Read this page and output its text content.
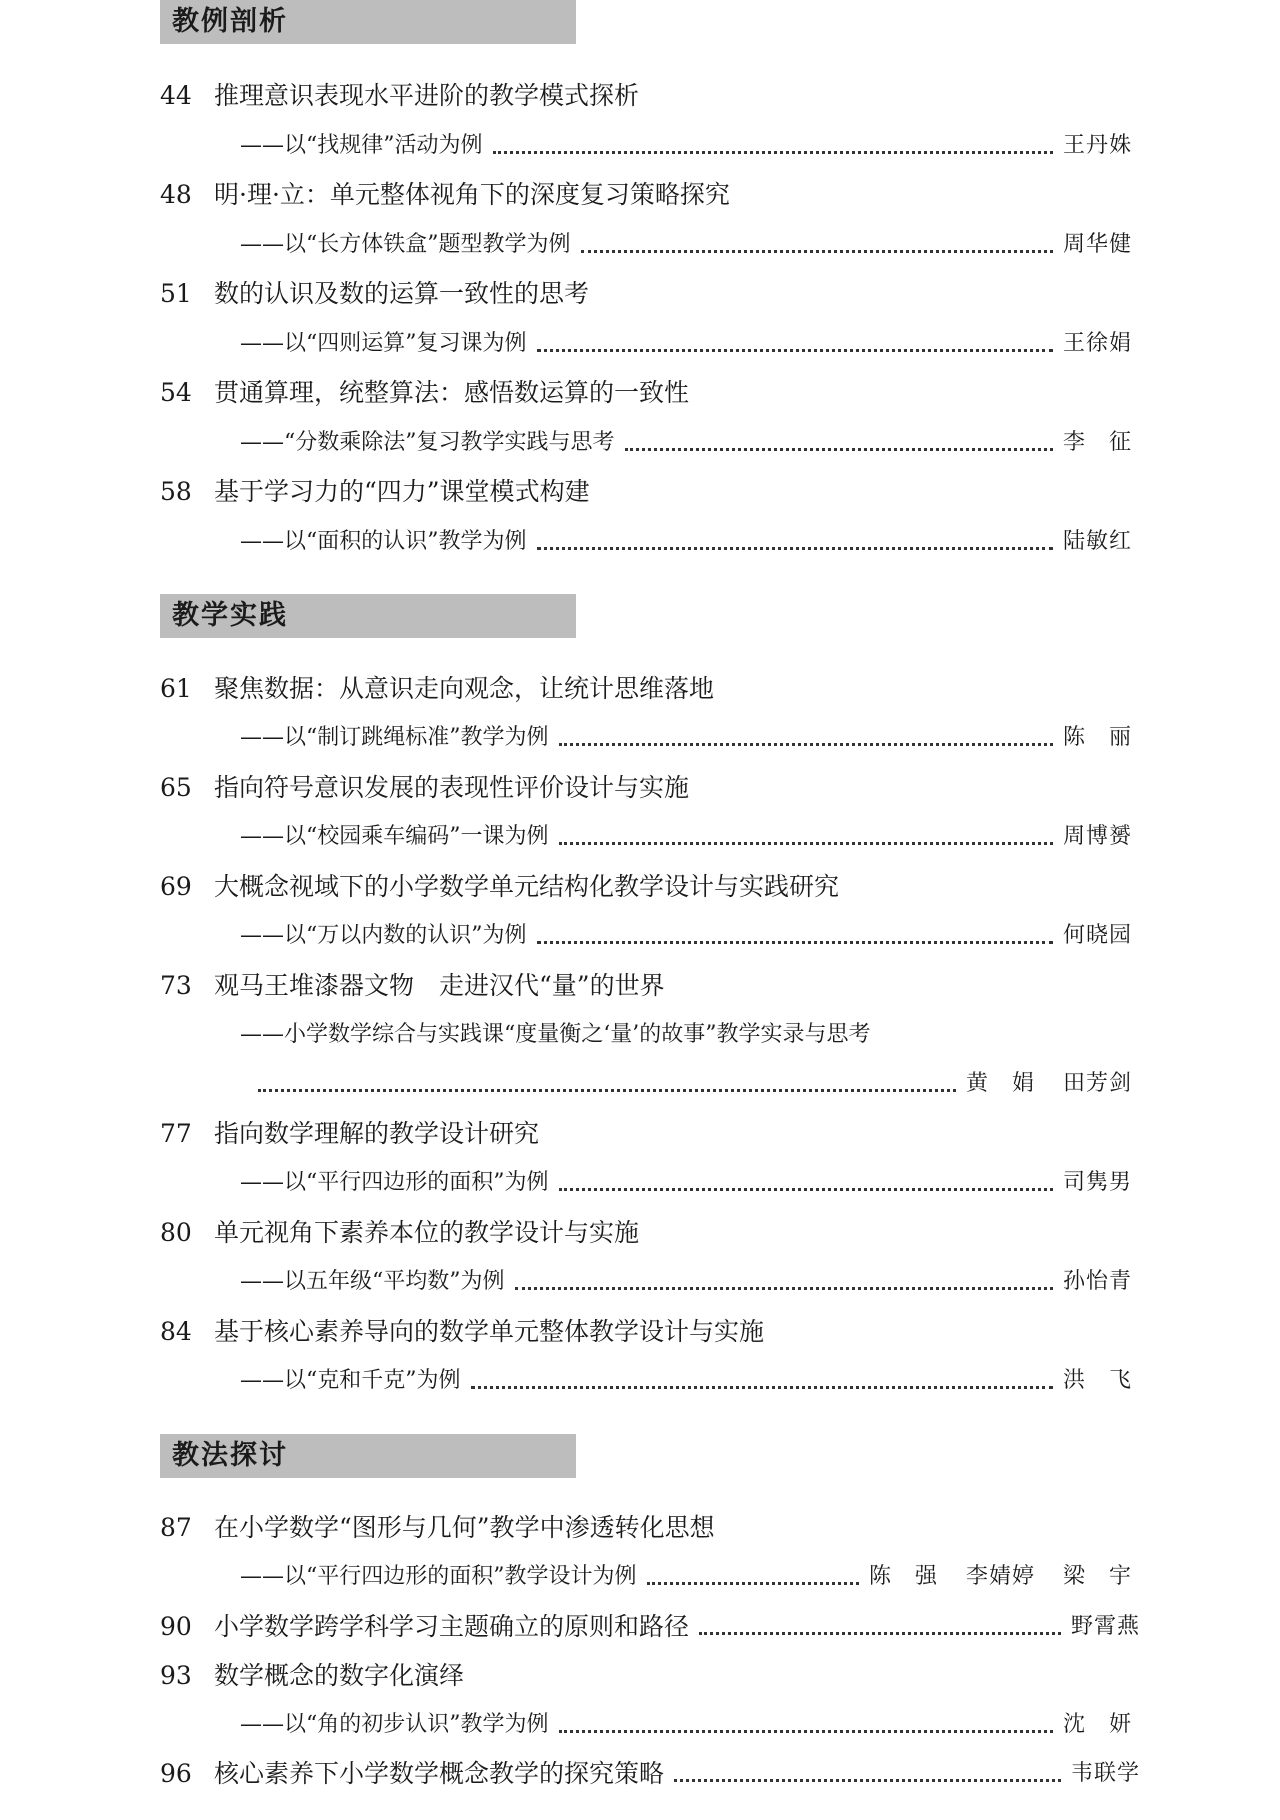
教例剖析
44 推理意识表现水平进阶的教学模式探析
——以“找规律”活动为例	王丹姝
48 明·理·立：单元整体视角下的深度复习策略探究
——以“长方体铁盒”题型教学为例	周华健
51 数的认识及数的运算一致性的思考
——以“四则运算”复习课为例	王徐娟
54 贯通算理，统整算法：感悟数运算的一致性
——“分数乘除法”复习教学实践与思考	李　征
58 基于学习力的“四力”课堂模式构建
——以“面积的认识”教学为例	陆敏红
教学实践
61 聚焦数据：从意识走向观念，让统计思维落地
——以“制订跳绳标准”教学为例	陈　丽
65 指向符号意识发展的表现性评价设计与实施
——以“校园乘车编码”一课为例	周博赟
69 大概念视域下的小学数学单元结构化教学设计与实践研究
——以“万以内数的认识”为例	何晓园
73 观马王堆漆器文物　走进汉代“量”的世界
——小学数学综合与实践课“度量衡之‘量’的故事”教学实录与思考
黄　娟 田芳剑
77 指向数学理解的教学设计研究
——以“平行四边形的面积”为例	司隽男
80 单元视角下素养本位的教学设计与实施
——以五年级“平均数”为例	孙怡青
84 基于核心素养导向的数学单元整体教学设计与实施
——以“克和千克”为例	洪　飞
教法探讨
87 在小学数学“图形与几何”教学中渗透转化思想
——以“平行四边形的面积”教学设计为例	陈　强 李婧婷 梁　宇
90 小学数学跨学科学习主题确立的原则和路径	野霄燕
93 数学概念的数字化演绎
——以“角的初步认识”教学为例	沈　妍
96 核心素养下小学数学概念教学的探究策略	韦联学
